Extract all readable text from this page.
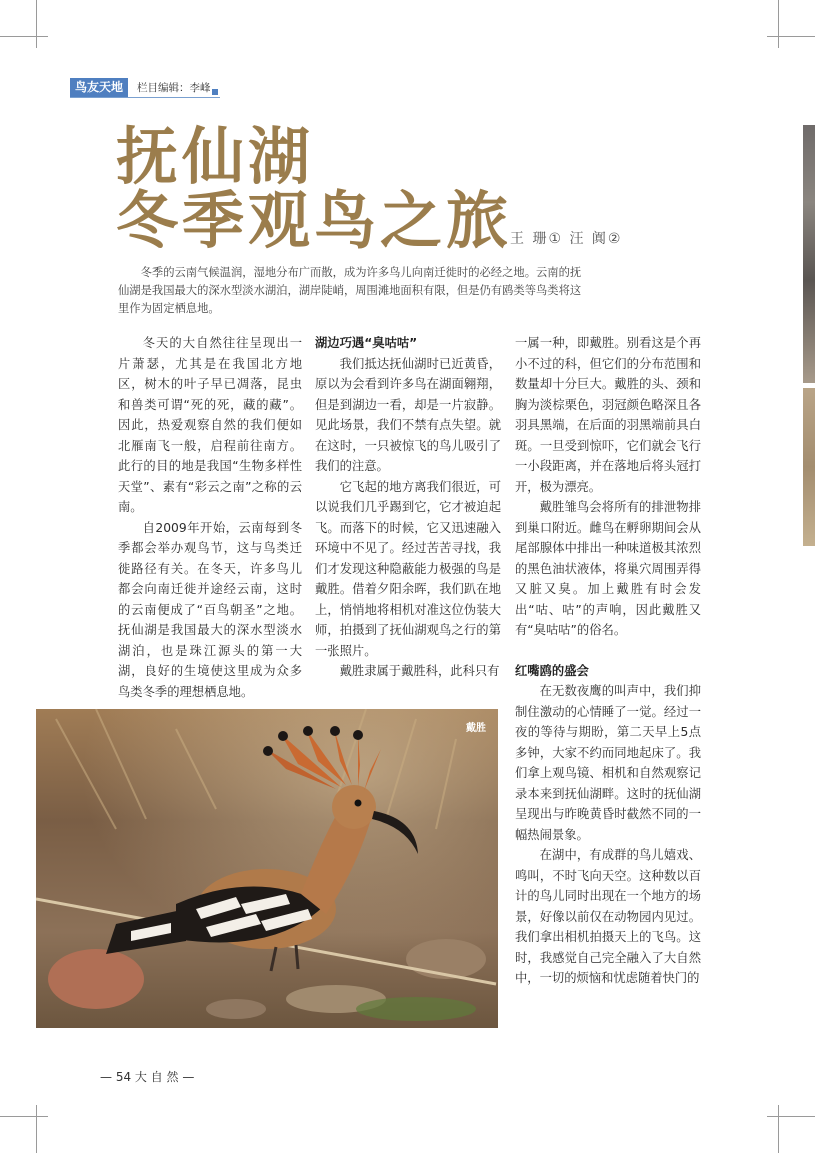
鸟友天地	栏目编辑：李峰
抚仙湖
冬季观鸟之旅
王 珊① 汪 阗②

冬季的云南气候温润，湿地分布广而散，成为许多鸟儿向南迁徙时的必经之地。云南的抚仙湖是我国最大的深水型淡水湖泊，湖岸陡峭，周围滩地面积有限，但是仍有鸥类等鸟类将这里作为固定栖息地。

冬天的大自然往往呈现出一片萧瑟，尤其是在我国北方地区，树木的叶子早已凋落，昆虫和兽类可谓“死的死，藏的藏”。因此，热爱观察自然的我们便如北雁南飞一般，启程前往南方。此行的目的地是我国“生物多样性天堂”、素有“彩云之南”之称的云南。

自2009年开始，云南每到冬季都会举办观鸟节，这与鸟类迁徙路径有关。在冬天，许多鸟儿都会向南迁徙并途经云南，这时的云南便成了“百鸟朝圣”之地。抚仙湖是我国最大的深水型淡水湖泊，也是珠江源头的第一大湖，良好的生境使这里成为众多鸟类冬季的理想栖息地。

湖边巧遇“臭咕咕”

我们抵达抚仙湖时已近黄昏，原以为会看到许多鸟在湖面翱翔，但是到湖边一看，却是一片寂静。见此场景，我们不禁有点失望。就在这时，一只被惊飞的鸟儿吸引了我们的注意。

它飞起的地方离我们很近，可以说我们几乎踢到它，它才被迫起飞。而落下的时候，它又迅速融入环境中不见了。经过苦苦寻找，我们才发现这种隐蔽能力极强的鸟是戴胜。借着夕阳余晖，我们趴在地上，悄悄地将相机对准这位伪装大师，拍摄到了抚仙湖观鸟之行的第一张照片。

戴胜隶属于戴胜科，此科只有

一属一种，即戴胜。别看这是个再小不过的科，但它们的分布范围和数量却十分巨大。戴胜的头、颈和胸为淡棕栗色，羽冠颜色略深且各羽具黑端，在后面的羽黑端前具白斑。一旦受到惊吓，它们就会飞行一小段距离，并在落地后将头冠打开，极为漂亮。

戴胜雏鸟会将所有的排泄物排到巢口附近。雌鸟在孵卵期间会从尾部腺体中排出一种味道极其浓烈的黑色油状液体，将巢穴周围弄得又脏又臭。加上戴胜有时会发出“咕、咕”的声响，因此戴胜又有“臭咕咕”的俗名。

红嘴鸥的盛会

在无数夜鹰的叫声中，我们抑制住激动的心情睡了一觉。经过一夜的等待与期盼，第二天早上5点多钟，大家不约而同地起床了。我们拿上观鸟镜、相机和自然观察记录本来到抚仙湖畔。这时的抚仙湖呈现出与昨晚黄昏时截然不同的一幅热闹景象。

在湖中，有成群的鸟儿嬉戏、鸣叫，不时飞向天空。这种数以百计的鸟儿同时出现在一个地方的场景，好像以前仅在动物园内见过。我们拿出相机拍摄天上的飞鸟。这时，我感觉自己完全融入了大自然中，一切的烦恼和忧虑随着快门的

戴胜
— 54 大 自 然 —
